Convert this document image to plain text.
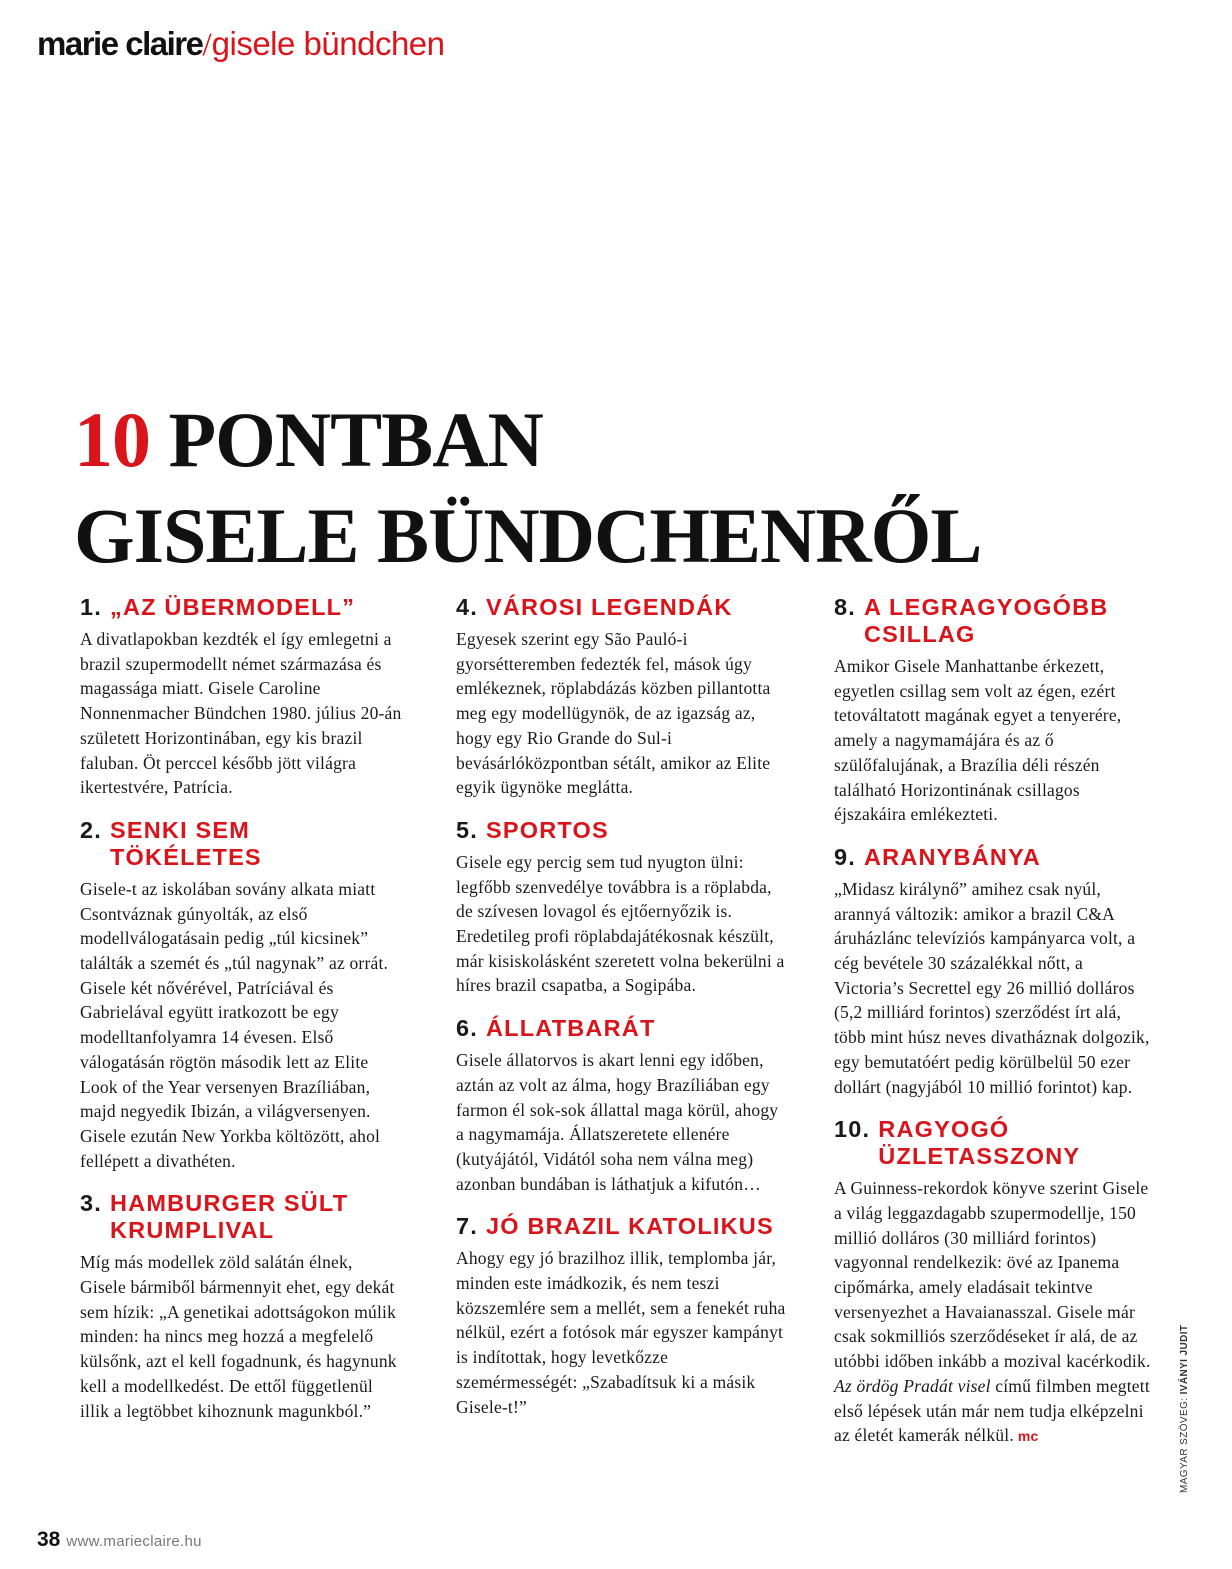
marie claire/gisele bündchen
10 PONTBAN
GISELE BÜNDCHENRŐL
1. „AZ ÜBERMODELL”

A divatlapokban kezdték el így emlegetni a brazil szupermodellt német származása és magassága miatt. Gisele Caroline Nonnenmacher Bündchen 1980. július 20-án született Horizontinában, egy kis brazil faluban. Öt perccel később jött világra ikertestvére, Patrícia.

2. SENKI SEM TÖKÉLETES

Gisele-t az iskolában sovány alkata miatt Csontváznak gúnyolták, az első modellválogatásain pedig „túl kicsinek” találták a szemét és „túl nagynak” az orrát. Gisele két nővérével, Patríciával és Gabrielával együtt iratkozott be egy modelltanfolyamra 14 évesen. Első válogatásán rögtön második lett az Elite Look of the Year versenyen Brazíliában, majd negyedik Ibizán, a világversenyen. Gisele ezután New Yorkba költözött, ahol fellépett a divathéten.

3. HAMBURGER SÜLT KRUMPLIVAL

Míg más modellek zöld salátán élnek, Gisele bármiből bármennyit ehet, egy dekát sem hízik: „A genetikai adottságokon múlik minden: ha nincs meg hozzá a megfelelő külsőnk, azt el kell fogadnunk, és hagynunk kell a modellkedést. De ettől függetlenül illik a legtöbbet kihoznunk magunkból.”

4. VÁROSI LEGENDÁK

Egyesek szerint egy São Pauló-i gyorsétteremben fedezték fel, mások úgy emlékeznek, röplabdázás közben pillantotta meg egy modellügynök, de az igazság az, hogy egy Rio Grande do Sul-i bevásárlóközpontban sétált, amikor az Elite egyik ügynöke meglátta.

5. SPORTOS

Gisele egy percig sem tud nyugton ülni: legfőbb szenvedélye továbbra is a röplabda, de szívesen lovagol és ejtőernyőzik is. Eredetileg profi röplabdajátékosnak készült, már kisiskolásként szeretett volna bekerülni a híres brazil csapatba, a Sogipába.

6. ÁLLATBARÁT

Gisele állatorvos is akart lenni egy időben, aztán az volt az álma, hogy Brazíliában egy farmon él sok-sok állattal maga körül, ahogy a nagymamája. Állatszeretete ellenére (kutyájától, Vidától soha nem válna meg) azonban bundában is láthatjuk a kifutón…

7. JÓ BRAZIL KATOLIKUS

Ahogy egy jó brazilhoz illik, templomba jár, minden este imádkozik, és nem teszi közszemlére sem a mellét, sem a fenekét ruha nélkül, ezért a fotósok már egyszer kampányt is indítottak, hogy levetkőzze szemérmességét: „Szabadítsuk ki a másik Gisele-t!”

8. A LEGRAGYOGÓBB CSILLAG

Amikor Gisele Manhattanbe érkezett, egyetlen csillag sem volt az égen, ezért tetováltatott magának egyet a tenyerére, amely a nagymamájára és az ő szülőfalujának, a Brazília déli részén található Horizontinának csillagos éjszakáira emlékezteti.

9. ARANYBÁNYA

„Midasz királynő” amihez csak nyúl, arannyá változik: amikor a brazil C&A áruházlánc televíziós kampányarca volt, a cég bevétele 30 százalékkal nőtt, a Victoria’s Secrettel egy 26 millió dolláros (5,2 milliárd forintos) szerződést írt alá, több mint húsz neves divatháznak dolgozik, egy bemutatóért pedig körülbelül 50 ezer dollárt (nagyjából 10 millió forintot) kap.

10. RAGYOGÓ ÜZLETASSZONY

A Guinness-rekordok könyve szerint Gisele a világ leggazdagabb szupermodellje, 150 millió dolláros (30 milliárd forintos) vagyonnal rendelkezik: övé az Ipanema cipőmárka, amely eladásait tekintve versenyezhet a Havaianasszal. Gisele már csak sokmilliós szerződéseket ír alá, de az utóbbi időben inkább a mozival kacérkodik. Az ördög Pradát visel című filmben megtett első lépések után már nem tudja elképzelni az életét kamerák nélkül. mc	MAGYAR SZÖVEG: IVÁNYI JUDIT
38 www.marieclaire.hu
